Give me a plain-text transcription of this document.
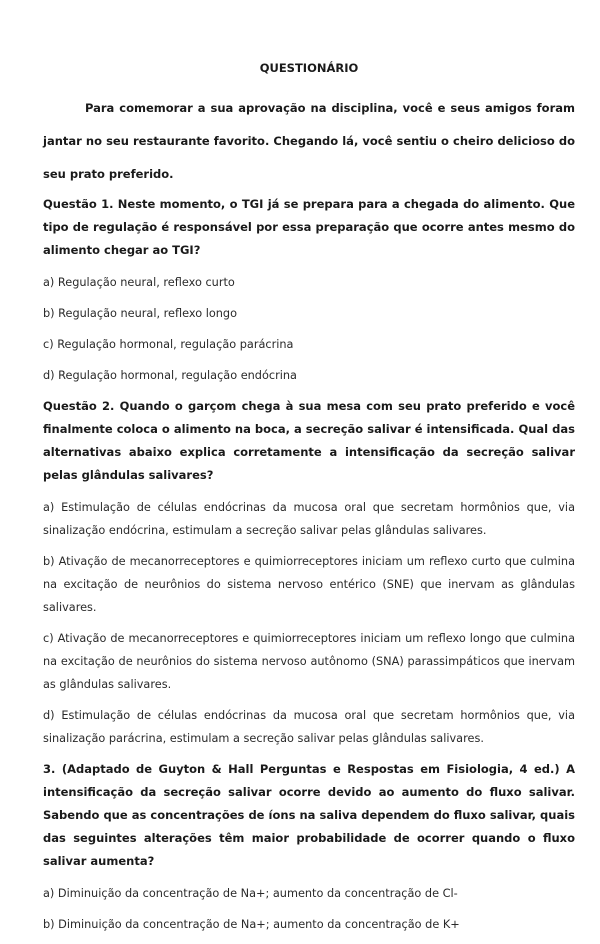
QUESTIONÁRIO

Para comemorar a sua aprovação na disciplina, você e seus amigos foram jantar no seu restaurante favorito. Chegando lá, você sentiu o cheiro delicioso do seu prato preferido.

Questão 1. Neste momento, o TGI já se prepara para a chegada do alimento. Que tipo de regulação é responsável por essa preparação que ocorre antes mesmo do alimento chegar ao TGI?

a) Regulação neural, reflexo curto

b) Regulação neural, reflexo longo

c) Regulação hormonal, regulação parácrina

d) Regulação hormonal, regulação endócrina

Questão 2. Quando o garçom chega à sua mesa com seu prato preferido e você finalmente coloca o alimento na boca, a secreção salivar é intensificada. Qual das alternativas abaixo explica corretamente a intensificação da secreção salivar pelas glândulas salivares?

a) Estimulação de células endócrinas da mucosa oral que secretam hormônios que, via sinalização endócrina, estimulam a secreção salivar pelas glândulas salivares.

b) Ativação de mecanorreceptores e quimiorreceptores iniciam um reflexo curto que culmina na excitação de neurônios do sistema nervoso entérico (SNE) que inervam as glândulas salivares.

c) Ativação de mecanorreceptores e quimiorreceptores iniciam um reflexo longo que culmina na excitação de neurônios do sistema nervoso autônomo (SNA) parassimpáticos que inervam as glândulas salivares.

d) Estimulação de células endócrinas da mucosa oral que secretam hormônios que, via sinalização parácrina, estimulam a secreção salivar pelas glândulas salivares.

3. (Adaptado de Guyton & Hall Perguntas e Respostas em Fisiologia, 4 ed.) A intensificação da secreção salivar ocorre devido ao aumento do fluxo salivar. Sabendo que as concentrações de íons na saliva dependem do fluxo salivar, quais das seguintes alterações têm maior probabilidade de ocorrer quando o fluxo salivar aumenta?

a) Diminuição da concentração de Na+; aumento da concentração de Cl-

b) Diminuição da concentração de Na+; aumento da concentração de K+
